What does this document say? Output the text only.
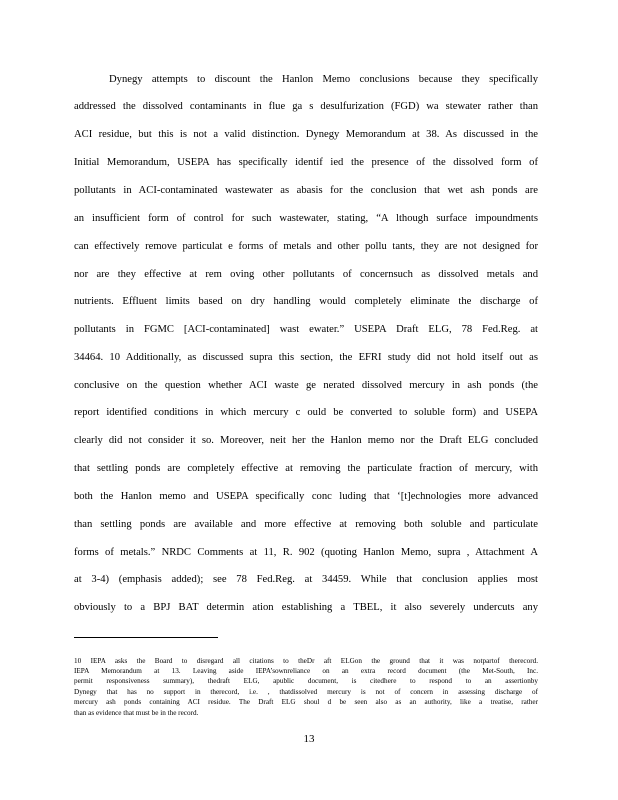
Dynegy attempts to discount the Hanlon Memo conclusions because they specifically
addressed the dissolved contaminants in flue ga s desulfurization (FGD) wa stewater rather than
ACI residue, but this is not a valid distinction. Dynegy Memorandum at 38. As discussed in the
Initial Memorandum, USEPA has specifically identif ied the presence of the dissolved form of
pollutants in ACI-contaminated wastewater as abasis for the conclusion that wet ash ponds are
an insufficient form of control for such wastewater, stating, “A lthough surface impoundments
can effectively remove particulat e forms of metals and other pollu tants, they are not designed for
nor are they effective at rem oving other pollutants of concernsuch as dissolved metals and
nutrients. Effluent limits based on dry handling would completely eliminate the discharge of
pollutants in FGMC [ACI-contaminated] wast ewater.” USEPA Draft ELG, 78 Fed.Reg. at
34464. 10 Additionally, as discussed supra this section, the EFRI study did not hold itself out as
conclusive on the question whether ACI waste ge nerated dissolved mercury in ash ponds (the
report identified conditions in which mercury c ould be converted to soluble form) and USEPA
clearly did not consider it so. Moreover, neit her the Hanlon memo nor the Draft ELG concluded
that settling ponds are completely effective at removing the particulate fraction of mercury, with
both the Hanlon memo and USEPA specifically conc luding that ‘[t]echnologies more advanced
than settling ponds are available and more effective at removing both soluble and particulate
forms of metals.” NRDC Comments at 11, R. 902 (quoting Hanlon Memo, supra , Attachment A
at 3-4) (emphasis added); see 78 Fed.Reg. at 34459. While that conclusion applies most
obviously to a BPJ BAT determin ation establishing a TBEL, it also severely undercuts any
10 IEPA asks the Board to disregard all citations to theDr aft ELGon the ground that it was notpartof therecord.
IEPA Memorandum at 13. Leaving aside IEPA’sownreliance on an extra record document (the Met-South, Inc.
permit responsiveness summary), thedraft ELG, apublic document, is citedhere to respond to an assertionby
Dynegy that has no support in therecord, i.e. , thatdissolved mercury is not of concern in assessing discharge of
mercury ash ponds containing ACI residue. The Draft ELG shoul d be seen also as an authority, like a treatise, rather
than as evidence that must be in the record.
13
